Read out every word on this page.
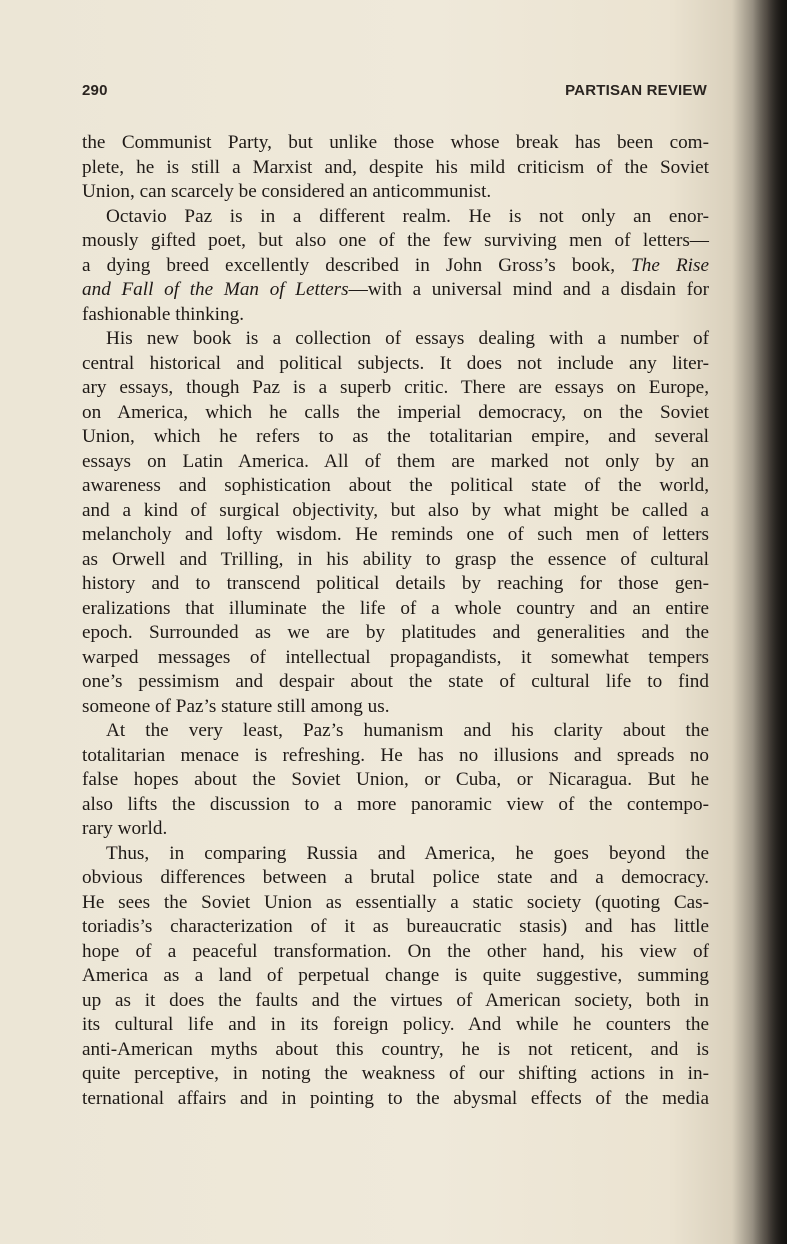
290	PARTISAN REVIEW
the Communist Party, but unlike those whose break has been com-
plete, he is still a Marxist and, despite his mild criticism of the Soviet
Union, can scarcely be considered an anticommunist.
Octavio Paz is in a different realm. He is not only an enor-
mously gifted poet, but also one of the few surviving men of letters—
a dying breed excellently described in John Gross’s book, The Rise
and Fall of the Man of Letters—with a universal mind and a disdain for
fashionable thinking.
His new book is a collection of essays dealing with a number of
central historical and political subjects. It does not include any liter-
ary essays, though Paz is a superb critic. There are essays on Europe,
on America, which he calls the imperial democracy, on the Soviet
Union, which he refers to as the totalitarian empire, and several
essays on Latin America. All of them are marked not only by an
awareness and sophistication about the political state of the world,
and a kind of surgical objectivity, but also by what might be called a
melancholy and lofty wisdom. He reminds one of such men of letters
as Orwell and Trilling, in his ability to grasp the essence of cultural
history and to transcend political details by reaching for those gen-
eralizations that illuminate the life of a whole country and an entire
epoch. Surrounded as we are by platitudes and generalities and the
warped messages of intellectual propagandists, it somewhat tempers
one’s pessimism and despair about the state of cultural life to find
someone of Paz’s stature still among us.
At the very least, Paz’s humanism and his clarity about the
totalitarian menace is refreshing. He has no illusions and spreads no
false hopes about the Soviet Union, or Cuba, or Nicaragua. But he
also lifts the discussion to a more panoramic view of the contempo-
rary world.
Thus, in comparing Russia and America, he goes beyond the
obvious differences between a brutal police state and a democracy.
He sees the Soviet Union as essentially a static society (quoting Cas-
toriadis’s characterization of it as bureaucratic stasis) and has little
hope of a peaceful transformation. On the other hand, his view of
America as a land of perpetual change is quite suggestive, summing
up as it does the faults and the virtues of American society, both in
its cultural life and in its foreign policy. And while he counters the
anti-American myths about this country, he is not reticent, and is
quite perceptive, in noting the weakness of our shifting actions in in-
ternational affairs and in pointing to the abysmal effects of the media
